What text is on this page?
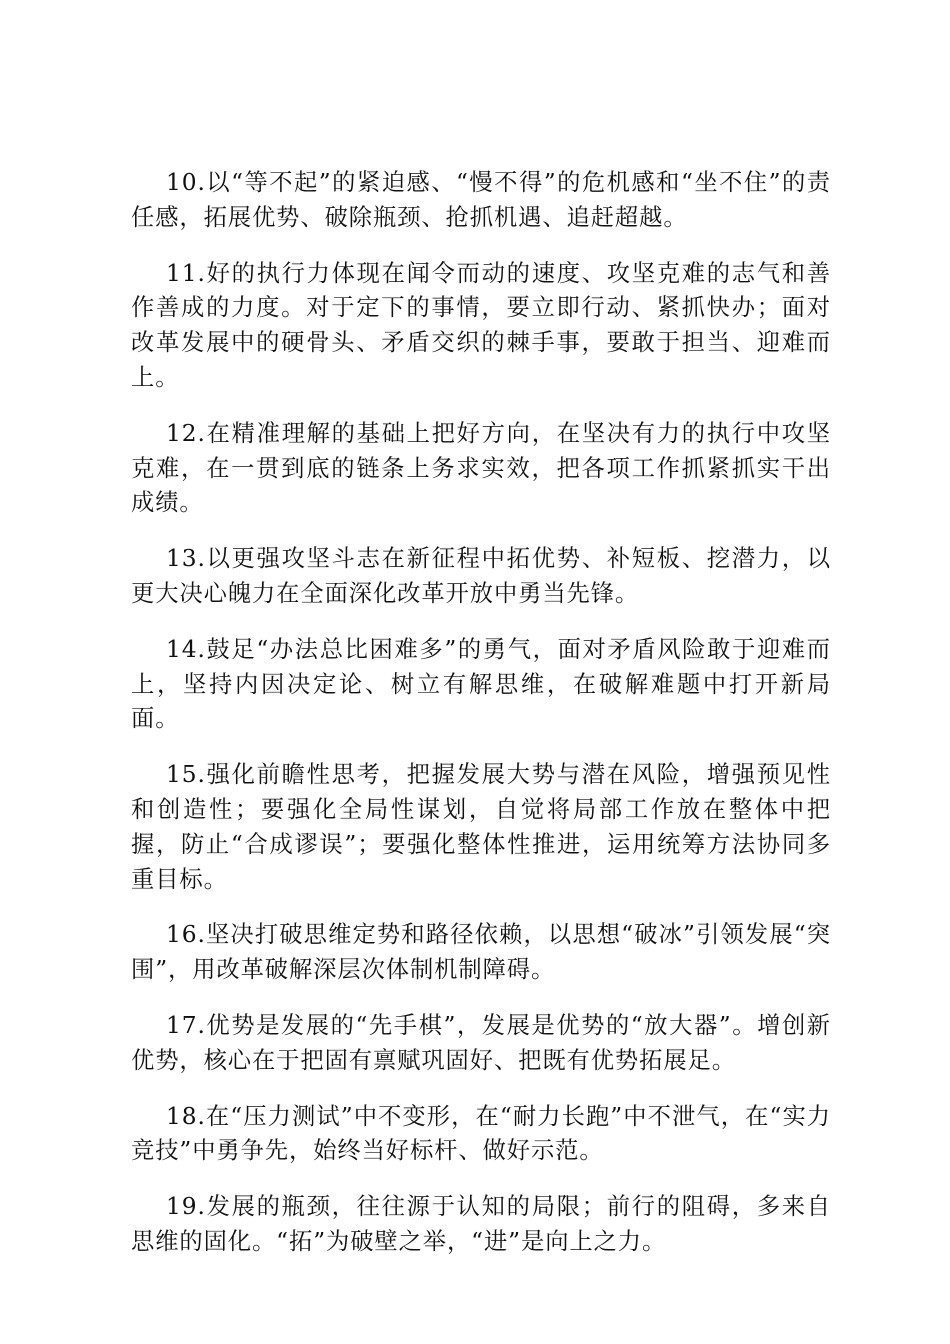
10.以“等不起”的紧迫感、“慢不得”的危机感和“坐不住”的责任感，拓展优势、破除瓶颈、抢抓机遇、追赶超越。

11.好的执行力体现在闻令而动的速度、攻坚克难的志气和善作善成的力度。对于定下的事情，要立即行动、紧抓快办；面对改革发展中的硬骨头、矛盾交织的棘手事，要敢于担当、迎难而上。

12.在精准理解的基础上把好方向，在坚决有力的执行中攻坚克难，在一贯到底的链条上务求实效，把各项工作抓紧抓实干出成绩。

13.以更强攻坚斗志在新征程中拓优势、补短板、挖潜力，以更大决心魄力在全面深化改革开放中勇当先锋。

14.鼓足“办法总比困难多”的勇气，面对矛盾风险敢于迎难而上，坚持内因决定论、树立有解思维，在破解难题中打开新局面。

15.强化前瞻性思考，把握发展大势与潜在风险，增强预见性和创造性；要强化全局性谋划，自觉将局部工作放在整体中把握，防止“合成谬误”；要强化整体性推进，运用统筹方法协同多重目标。

16.坚决打破思维定势和路径依赖，以思想“破冰”引领发展“突围”，用改革破解深层次体制机制障碍。

17.优势是发展的“先手棋”，发展是优势的“放大器”。增创新优势，核心在于把固有禀赋巩固好、把既有优势拓展足。

18.在“压力测试”中不变形，在“耐力长跑”中不泄气，在“实力竞技”中勇争先，始终当好标杆、做好示范。

19.发展的瓶颈，往往源于认知的局限；前行的阻碍，多来自思维的固化。“拓”为破壁之举，“进”是向上之力。
